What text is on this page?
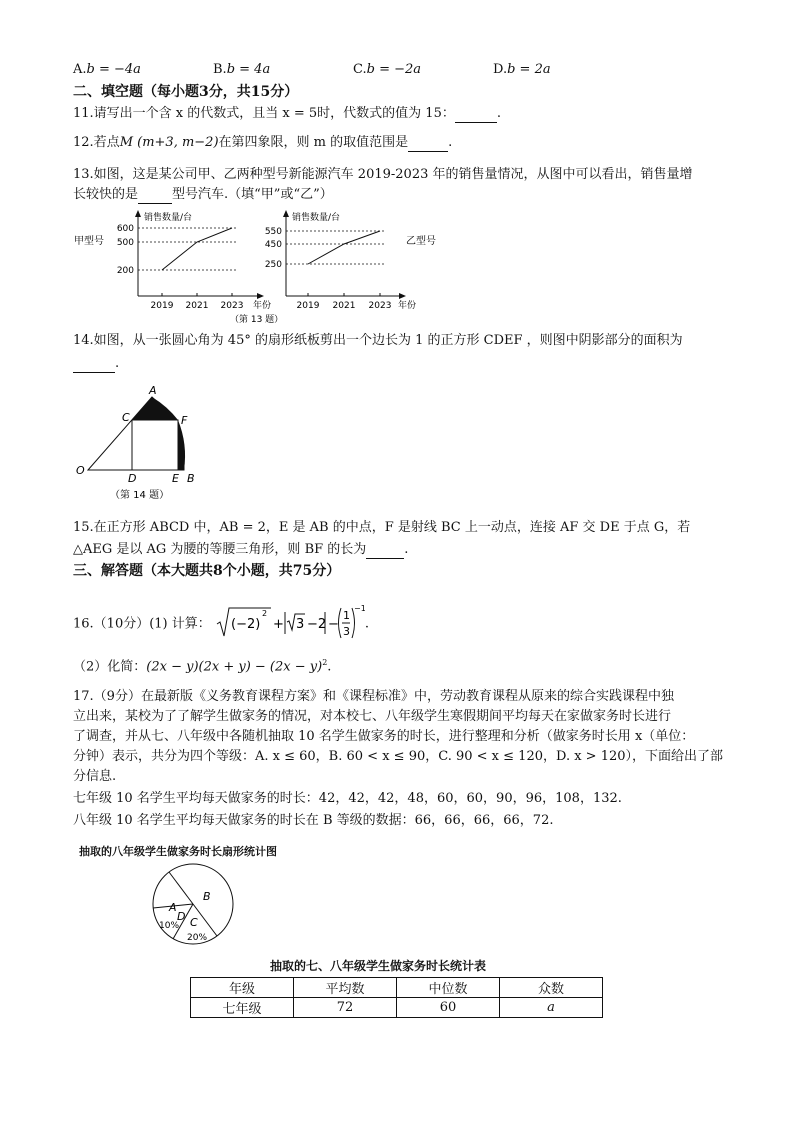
A.b = −4a	B.b = 4a	C.b = −2a	D.b = 2a
二、填空题（每小题3分，共15分）
11.请写出一个含 x 的代数式，且当 x = 5时，代数式的值为 15：	.
12.若点M (m+3, m−2)在第四象限，则 m 的取值范围是	.
13.如图，这是某公司甲、乙两种型号新能源汽车 2019-2023 年的销售量情况，从图中可以看出，销售量增
长较快的是	型号汽车.（填“甲”或“乙”）
甲型号
销售数量/台
年份
200
500
600
2019 2021 2023
销售数量/台
年份
乙型号
250
450
550
2019 2021 2023
（第 13 题）
14.如图，从一张圆心角为 45° 的扇形纸板剪出一个边长为 1 的正方形 CDEF ，则图中阴影部分的面积为
.
A
C	F
O
D	E B
（第 14 题）
15.在正方形 ABCD 中，AB = 2，E 是 AB 的中点，F 是射线 BC 上一动点，连接 AF 交 DE 于点 G，若
△AEG 是以 AG 为腰的等腰三角形，则 BF 的长为	.
三、解答题（本大题共8个小题，共75分）
16.（10分）(1) 计算： (−2)
2
+ 3 −2 −
1
3
−1
.
（2）化简：$(2x - y)(2x + y) - (2x - y)^2$.
17.（9分）在最新版《义务教育课程方案》和《课程标准》中，劳动教育课程从原来的综合实践课程中独
立出来，某校为了了解学生做家务的情况，对本校七、八年级学生寒假期间平均每天在家做家务时长进行
了调查，并从七、八年级中各随机抽取 10 名学生做家务的时长，进行整理和分析（做家务时长用 x（单位：
分钟）表示，共分为四个等级：A. x ≤ 60，B. 60 < x ≤ 90，C. 90 < x ≤ 120，D. x > 120），下面给出了部
分信息.
七年级 10 名学生平均每天做家务的时长：42，42，42，48，60，60，90，96，108，132.
八年级 10 名学生平均每天做家务的时长在 B 等级的数据：66，66，66，66，72.
抽取的八年级学生做家务时长扇形统计图
A
B
C
D
10%
20%
抽取的七、八年级学生做家务时长统计表
年级	平均数	中位数	众数
七年级	72	60	a
